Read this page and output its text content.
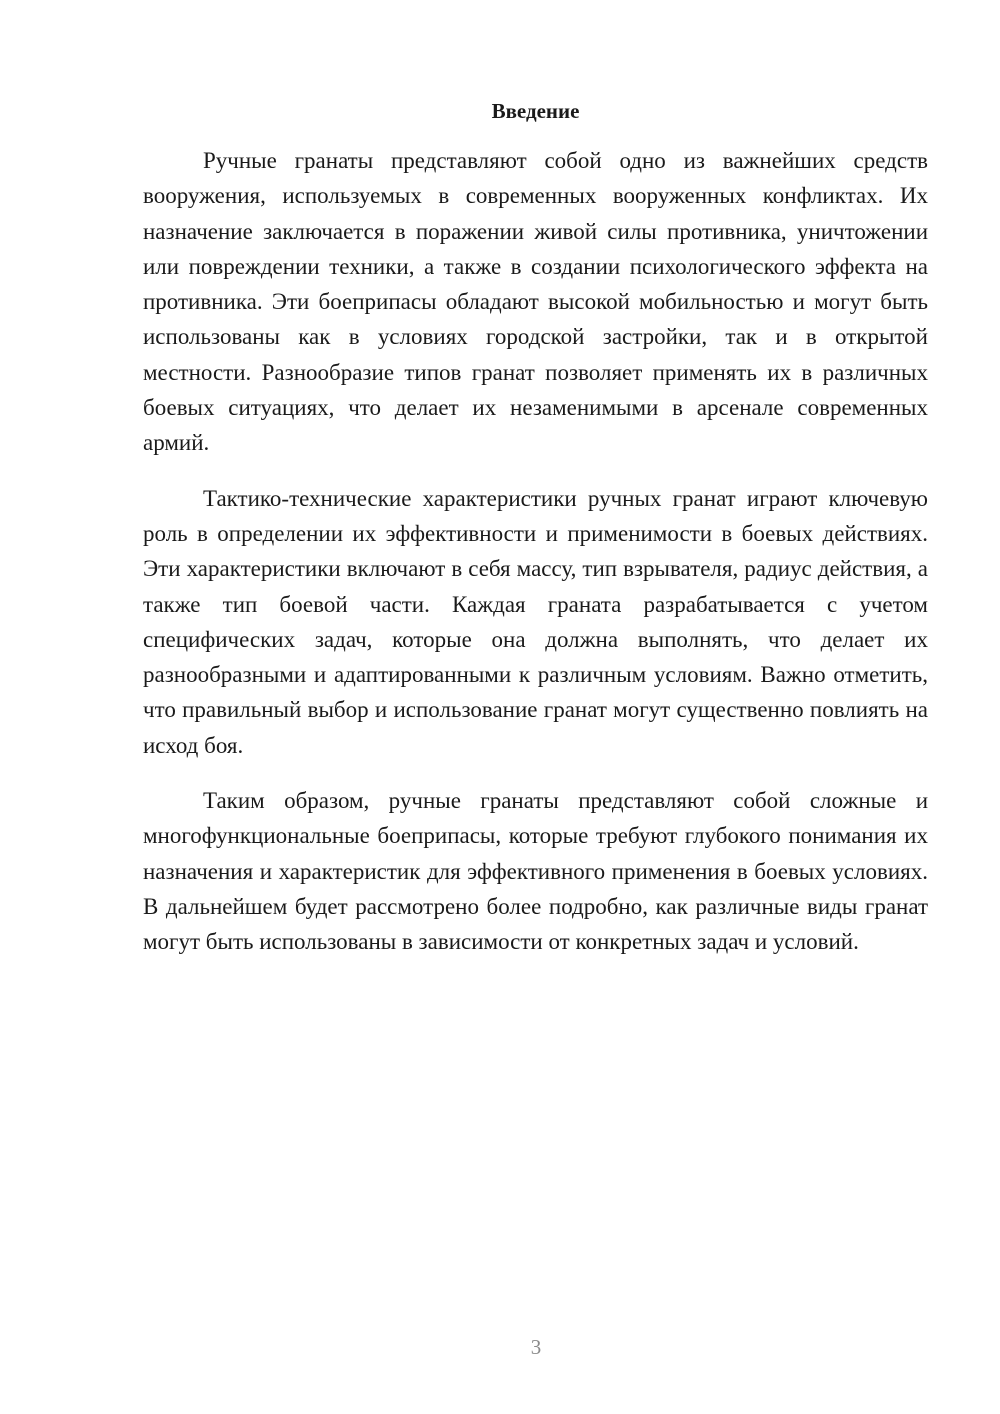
Введение

Ручные гранаты представляют собой одно из важнейших средств вооружения, используемых в современных вооруженных конфликтах. Их назначение заключается в поражении живой силы противника, уничтожении или повреждении техники, а также в создании психологического эффекта на противника. Эти боеприпасы обладают высокой мобильностью и могут быть использованы как в условиях городской застройки, так и в открытой местности. Разнообразие типов гранат позволяет применять их в различных боевых ситуациях, что делает их незаменимыми в арсенале современных армий.

Тактико-технические характеристики ручных гранат играют ключевую роль в определении их эффективности и применимости в боевых действиях. Эти характеристики включают в себя массу, тип взрывателя, радиус действия, а также тип боевой части. Каждая граната разрабатывается с учетом специфических задач, которые она должна выполнять, что делает их разнообразными и адаптированными к различным условиям. Важно отметить, что правильный выбор и использование гранат могут существенно повлиять на исход боя.

Таким образом, ручные гранаты представляют собой сложные и многофункциональные боеприпасы, которые требуют глубокого понимания их назначения и характеристик для эффективного применения в боевых условиях. В дальнейшем будет рассмотрено более подробно, как различные виды гранат могут быть использованы в зависимости от конкретных задач и условий.

3
